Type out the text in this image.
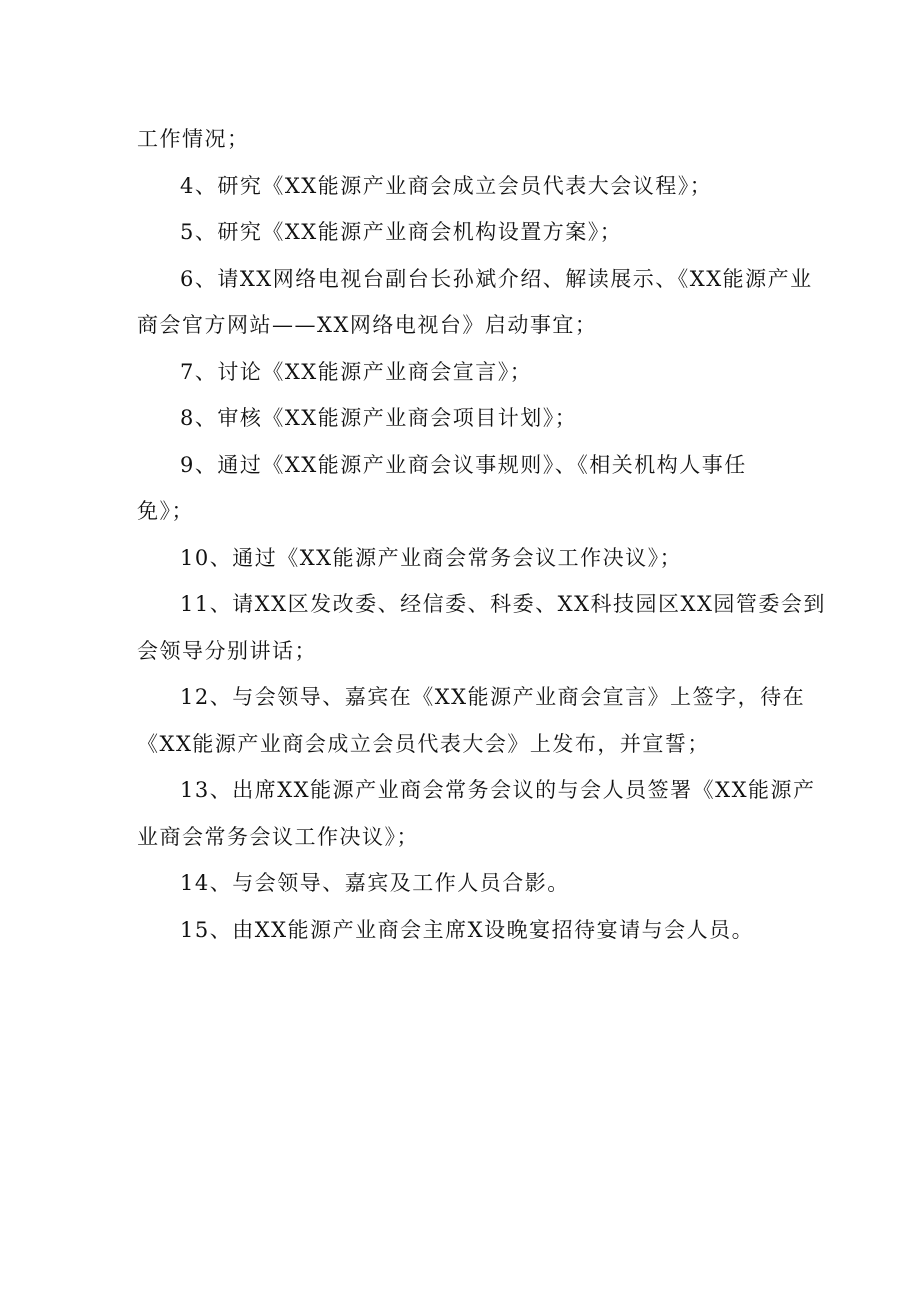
工作情况；

4、研究《XX能源产业商会成立会员代表大会议程》；

5、研究《XX能源产业商会机构设置方案》；

6、请XX网络电视台副台长孙斌介绍、解读展示、《XX能源产业

商会官方网站——XX网络电视台》启动事宜；

7、讨论《XX能源产业商会宣言》；

8、审核《XX能源产业商会项目计划》；

9、通过《XX能源产业商会议事规则》、《相关机构人事任

免》；

10、通过《XX能源产业商会常务会议工作决议》；

11、请XX区发改委、经信委、科委、XX科技园区XX园管委会到

会领导分别讲话；

12、与会领导、嘉宾在《XX能源产业商会宣言》上签字，待在

《XX能源产业商会成立会员代表大会》上发布，并宣誓；

13、出席XX能源产业商会常务会议的与会人员签署《XX能源产

业商会常务会议工作决议》；

14、与会领导、嘉宾及工作人员合影。

15、由XX能源产业商会主席X设晚宴招待宴请与会人员。
